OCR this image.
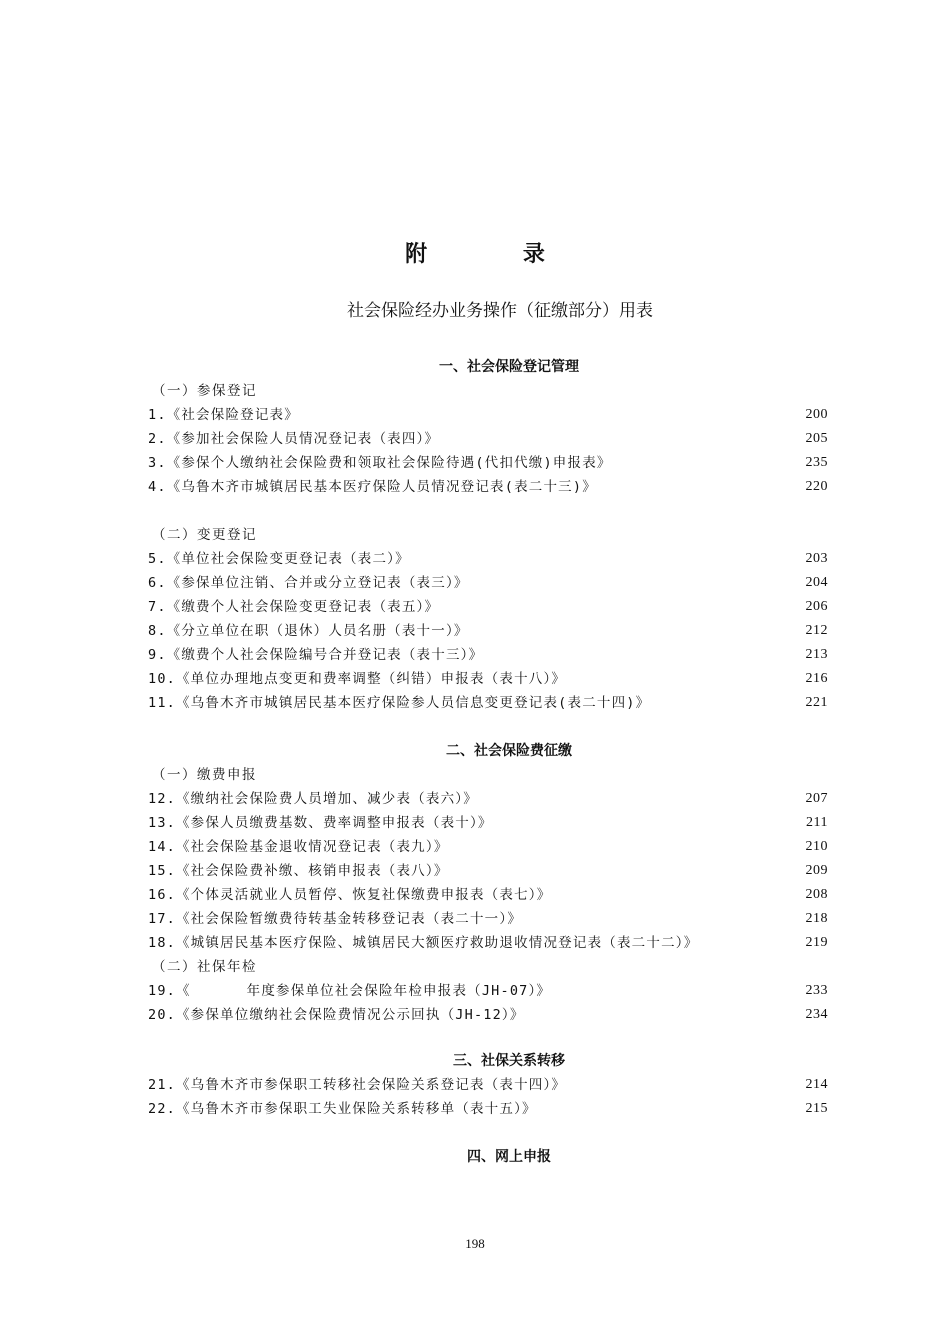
附 录
社会保险经办业务操作（征缴部分）用表
一、社会保险登记管理
（一）参保登记
1.《社会保险登记表》	200
2.《参加社会保险人员情况登记表（表四）》	205
3.《参保个人缴纳社会保险费和领取社会保险待遇(代扣代缴)申报表》	235
4.《乌鲁木齐市城镇居民基本医疗保险人员情况登记表(表二十三)》	220
（二）变更登记
5.《单位社会保险变更登记表（表二）》	203
6.《参保单位注销、合并或分立登记表（表三）》	204
7.《缴费个人社会保险变更登记表（表五）》	206
8.《分立单位在职（退休）人员名册（表十一）》	212
9.《缴费个人社会保险编号合并登记表（表十三）》	213
10.《单位办理地点变更和费率调整（纠错）申报表（表十八）》	216
11.《乌鲁木齐市城镇居民基本医疗保险参人员信息变更登记表(表二十四)》	221
二、社会保险费征缴
（一）缴费申报
12.《缴纳社会保险费人员增加、减少表（表六）》	207
13.《参保人员缴费基数、费率调整申报表（表十）》	211
14.《社会保险基金退收情况登记表（表九）》	210
15.《社会保险费补缴、核销申报表（表八）》	209
16.《个体灵活就业人员暂停、恢复社保缴费申报表（表七）》	208
17.《社会保险暂缴费待转基金转移登记表（表二十一）》	218
18.《城镇居民基本医疗保险、城镇居民大额医疗救助退收情况登记表（表二十二）》	219
（二）社保年检
19.《      年度参保单位社会保险年检申报表（JH-07）》	233
20.《参保单位缴纳社会保险费情况公示回执（JH-12）》	234
三、社保关系转移
21.《乌鲁木齐市参保职工转移社会保险关系登记表（表十四）》	214
22.《乌鲁木齐市参保职工失业保险关系转移单（表十五）》	215
四、网上申报
198
